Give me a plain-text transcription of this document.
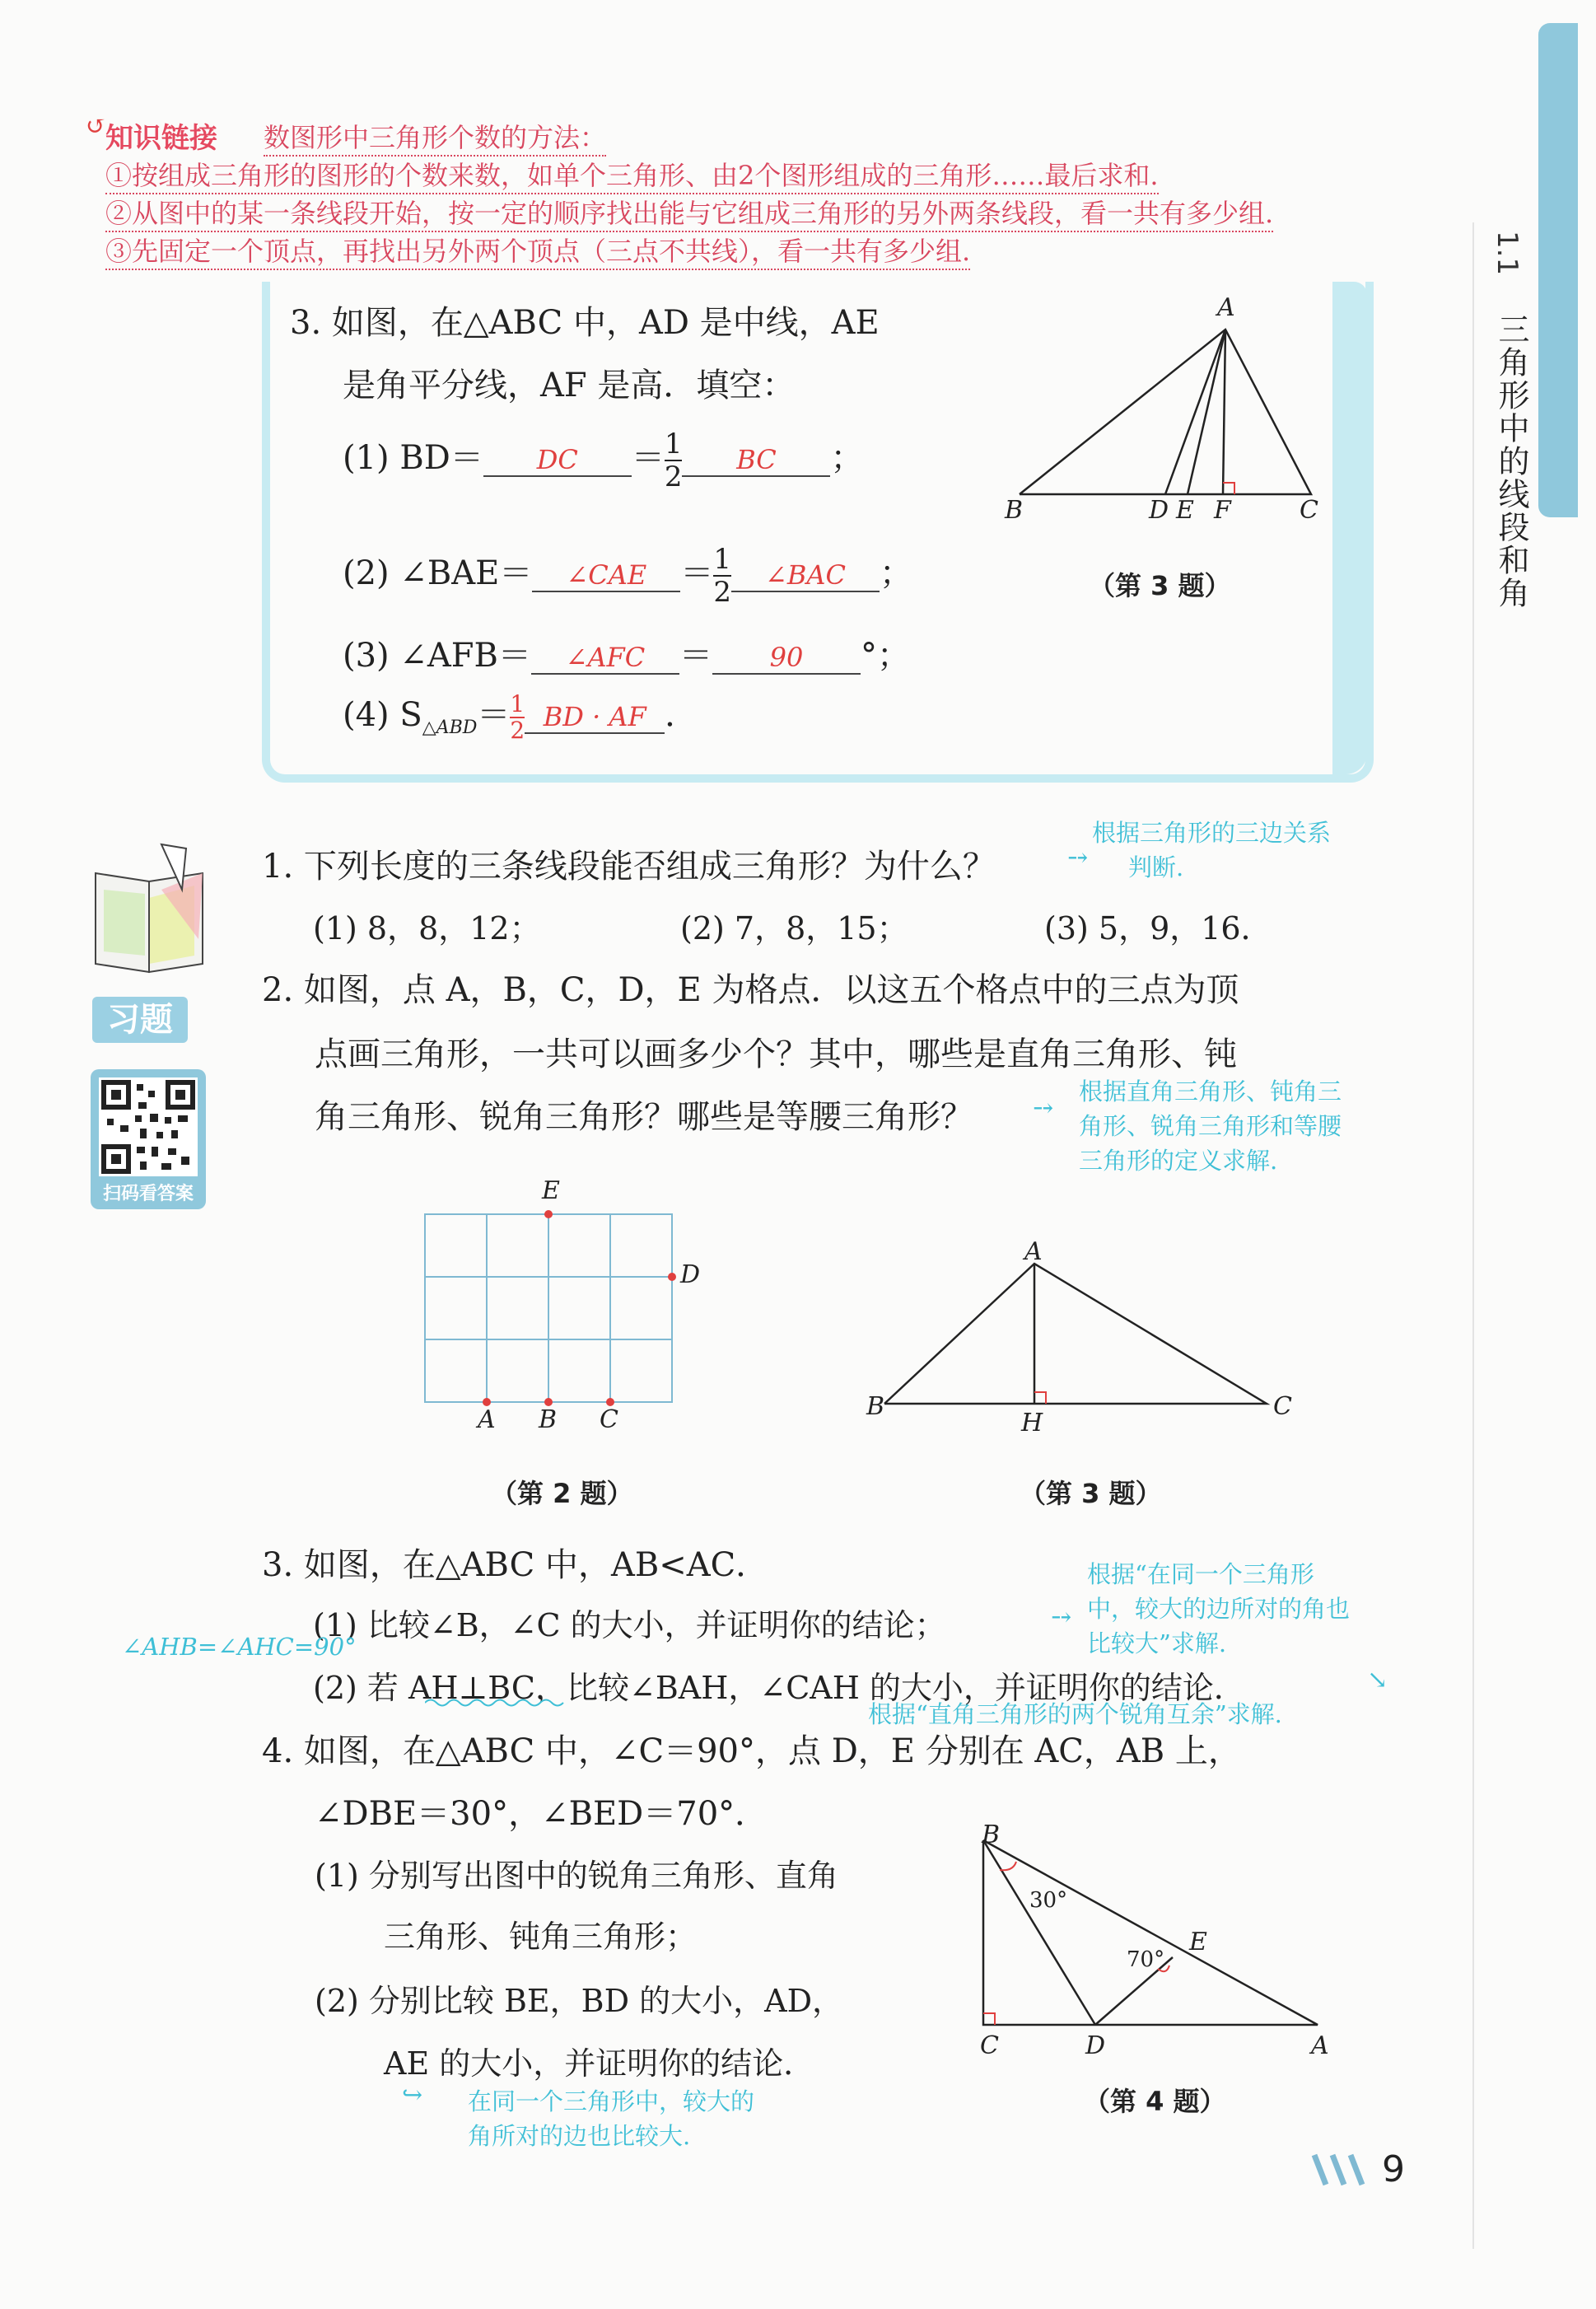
1.1
三角形中的线段和角
↺
知识链接 数图形中三角形个数的方法：
①按组成三角形的图形的个数来数，如单个三角形、由2个图形组成的三角形……最后求和.
②从图中的某一条线段开始，按一定的顺序找出能与它组成三角形的另外两条线段，看一共有多少组.
③先固定一个顶点，再找出另外两个顶点（三点不共线），看一共有多少组.
3. 如图，在△ABC 中，AD 是中线，AE
是角平分线，AF 是高．填空：
(1) BD＝ DC ＝ $\frac{1}{2}$ BC ；
(2) ∠BAE＝ ∠CAE ＝ $\frac{1}{2}$ ∠BAC ；
(3) ∠AFB＝ ∠AFC ＝ 90 °；
(4) $S_{\triangle ABD}= \frac{1}{2}$ BD · AF ．
A
B	D E F	C
（第 3 题）
习题
扫码看答案
1. 下列长度的三条线段能否组成三角形？为什么？	⤍
根据三角形的三边关系
判断.
(1) 8，8，12；	(2) 7，8，15；	(3) 5，9，16．
2. 如图，点 A，B，C，D，E 为格点．以这五个格点中的三点为顶
点画三角形，一共可以画多少个？其中，哪些是直角三角形、钝
角三角形、锐角三角形？哪些是等腰三角形？ ⤍
根据直角三角形、钝角三
角形、锐角三角形和等腰
三角形的定义求解.
E
D
A B C
（第 2 题）
A
B
H
C
（第 3 题）
3. 如图，在△ABC 中，AB<AC．
(1) 比较∠B，∠C 的大小，并证明你的结论；	⤍
根据“在同一个三角形
中，较大的边所对的角也
比较大”求解.
∠AHB=∠AHC=90°
(2) 若 AH⊥BC，比较∠BAH，∠CAH 的大小，并证明你的结论．	↘
根据“直角三角形的两个锐角互余”求解.
4. 如图，在△ABC 中，∠C＝90°，点 D，E 分别在 AC，AB 上，
∠DBE＝30°，∠BED＝70°．
(1) 分别写出图中的锐角三角形、直角
三角形、钝角三角形；
(2) 分别比较 BE，BD 的大小，AD，
AE 的大小，并证明你的结论．
↪ 在同一个三角形中，较大的
角所对的边也比较大.
B
C	D	A
E
30°
70°
（第 4 题）
9
